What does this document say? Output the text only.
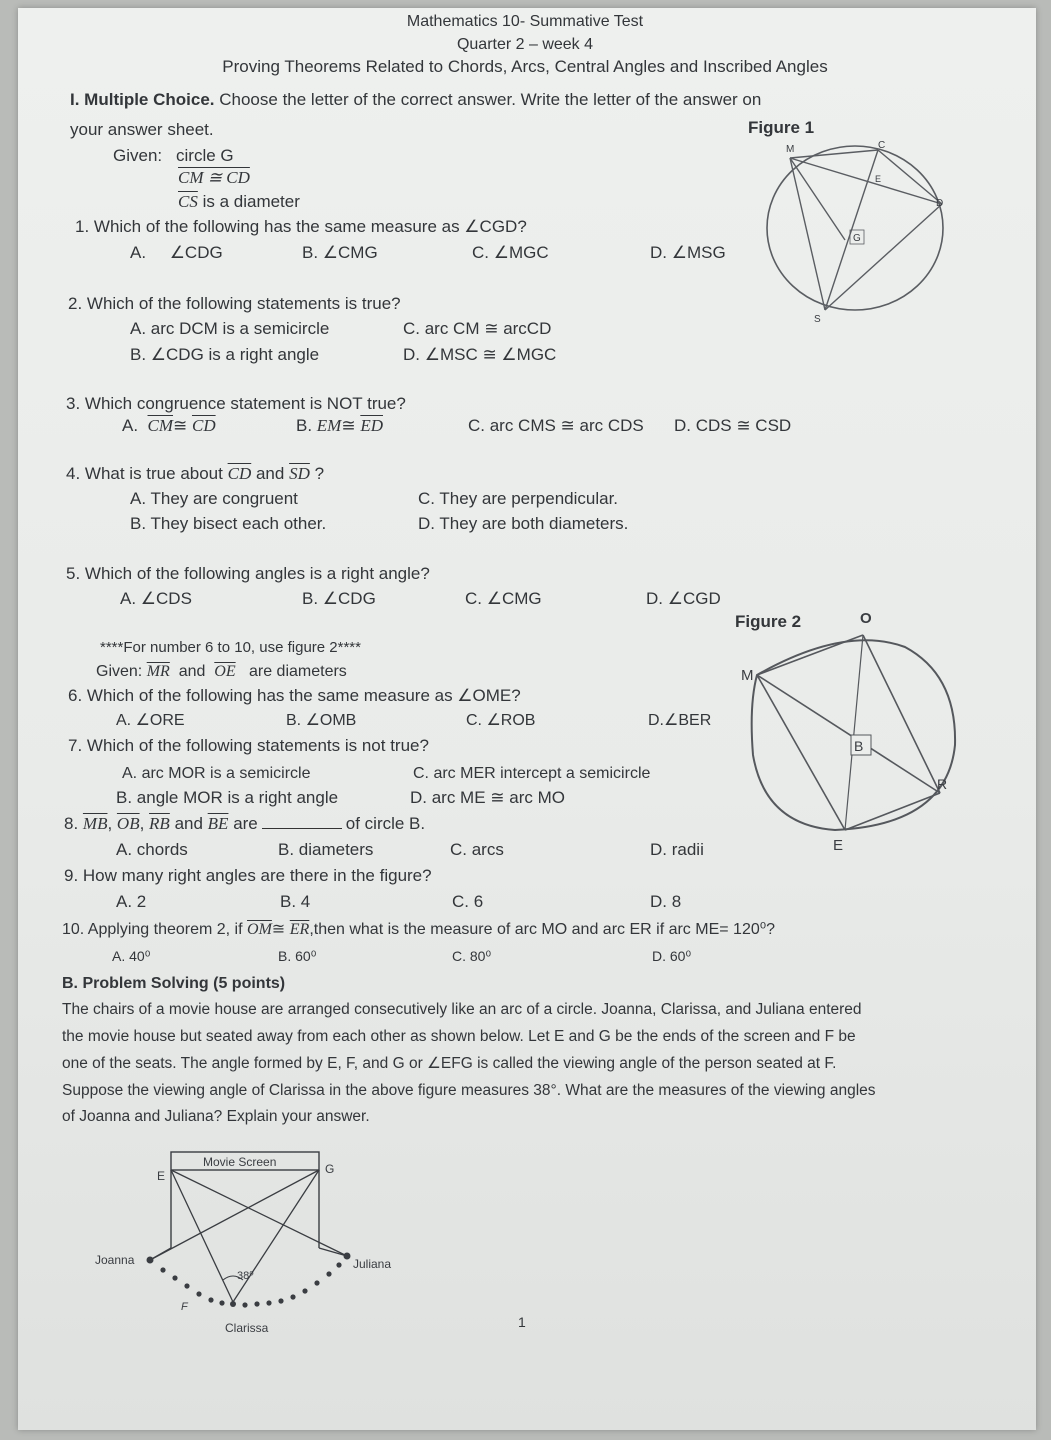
Mathematics 10- Summative Test
Quarter 2 – week 4
Proving Theorems Related to Chords, Arcs, Central Angles and Inscribed Angles
I. Multiple Choice. Choose the letter of the correct answer. Write the letter of the answer on
your answer sheet.
Given: circle G
CM ≅ CD
$\overline{CS}$ is a diameter
Figure 1
M	C
E
D
G
S
1. Which of the following has the same measure as ∠CGD?
A. ∠CDG	B. ∠CMG	C. ∠MGC	D. ∠MSG
2. Which of the following statements is true?
A. arc DCM is a semicircle	C. arc CM ≅ arcCD
B. ∠CDG is a right angle	D. ∠MSC ≅ ∠MGC
3. Which congruence statement is NOT true?
A. $\overline{CM}≅$ $\overline{CD}$	B. EM≅ $\overline{ED}$	C. arc CMS ≅ arc CDS D. CDS ≅ CSD
4. What is true about $\overline{CD}$ and $\overline{SD}$ ?
A. They are congruent	C. They are perpendicular.
B. They bisect each other.	D. They are both diameters.
5. Which of the following angles is a right angle?
A. ∠CDS	B. ∠CDG	C. ∠CMG	D. ∠CGD
Figure 2	O
M
B
R
E
****For number 6 to 10, use figure 2****
Given: $\overline{MR}$ and $\overline{OE}$ are diameters
6. Which of the following has the same measure as ∠OME?
A. ∠ORE	B. ∠OMB	C. ∠ROB	D.∠BER
7. Which of the following statements is not true?
A. arc MOR is a semicircle	C. arc MER intercept a semicircle
B. angle MOR is a right angle	D. arc ME ≅ arc MO
8. $\overline{MB}$, $\overline{OB}$, $\overline{RB}$ and $\overline{BE}$ are	of circle B.
A. chords	B. diameters	C. arcs	D. radii
9. How many right angles are there in the figure?
A. 2	B. 4	C. 6	D. 8
10. Applying theorem 2, if $\overline{OM}≅$ $\overline{ER},then$ what is the measure of arc MO and arc ER if arc ME= 120⁰?
A. 40⁰	B. 60⁰	C. 80⁰	D. 60⁰
B. Problem Solving (5 points)
The chairs of a movie house are arranged consecutively like an arc of a circle. Joanna, Clarissa, and Juliana entered
the movie house but seated away from each other as shown below. Let E and G be the ends of the screen and F be
one of the seats. The angle formed by E, F, and G or ∠EFG is called the viewing angle of the person seated at F.
Suppose the viewing angle of Clarissa in the above figure measures 38°. What are the measures of the viewing angles
of Joanna and Juliana? Explain your answer.
Movie Screen
E	G
38⁰
Joanna	Juliana
F
Clarissa	1
